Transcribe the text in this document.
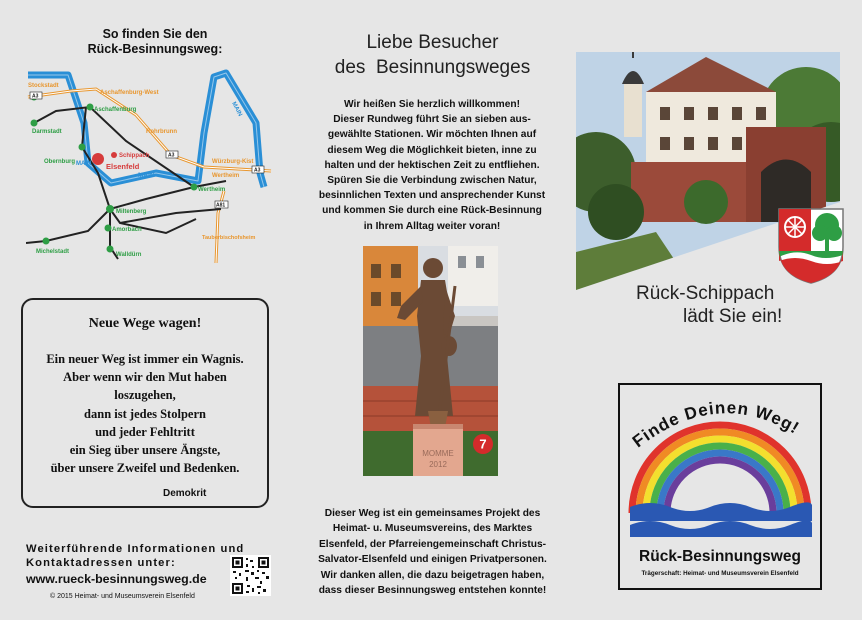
So finden Sie den
Rück-Besinnungsweg:
Stockstadt
Aschaffenburg-West
Aschaffenburg
Darmstadt	Rohrbrunn
Obernburg
Schippach
Elsenfeld	Würzburg-Kist
Wertheim
Wertheim
Miltenberg
Amorbach
Michelstadt	Walldürn
Tauberbischofsheim
MAIN
MAIN
MAIN
A3
A3
A3
A81
Neue Wege wagen!
Ein neuer Weg ist immer ein Wagnis.
Aber wenn wir den Mut haben
loszugehen,
dann ist jedes Stolpern
und jeder Fehltritt
ein Sieg über unsere Ängste,
über unsere Zweifel und Bedenken.
Demokrit
Weiterführende Informationen und
Kontaktadressen unter:
www.rueck-besinnungsweg.de
© 2015 Heimat- und Museumsverein Elsenfeld
Liebe Besucher
des  Besinnungsweges
Wir heißen Sie herzlich willkommen!
Dieser Rundweg führt Sie an sieben aus-
gewählte Stationen. Wir möchten Ihnen auf
diesem Weg die Möglichkeit bieten, inne zu
halten und der hektischen Zeit zu entfliehen.
Spüren Sie die Verbindung zwischen Natur,
besinnlichen Texten und ansprechender Kunst
und kommen Sie durch eine Rück-Besinnung
in Ihrem Alltag weiter voran!
MOMME
2012
7
Dieser Weg ist ein gemeinsames Projekt des
Heimat- u. Museumsvereins, des Marktes
Elsenfeld, der Pfarreiengemeinschaft Christus-
Salvator-Elsenfeld und einigen Privatpersonen.
Wir danken allen, die dazu beigetragen haben,
dass dieser Besinnungsweg entstehen konnte!
Rück-Schippach
lädt Sie ein!
Finde Deinen Weg!
Rück-Besinnungsweg
Trägerschaft: Heimat- und Museumsverein Elsenfeld
